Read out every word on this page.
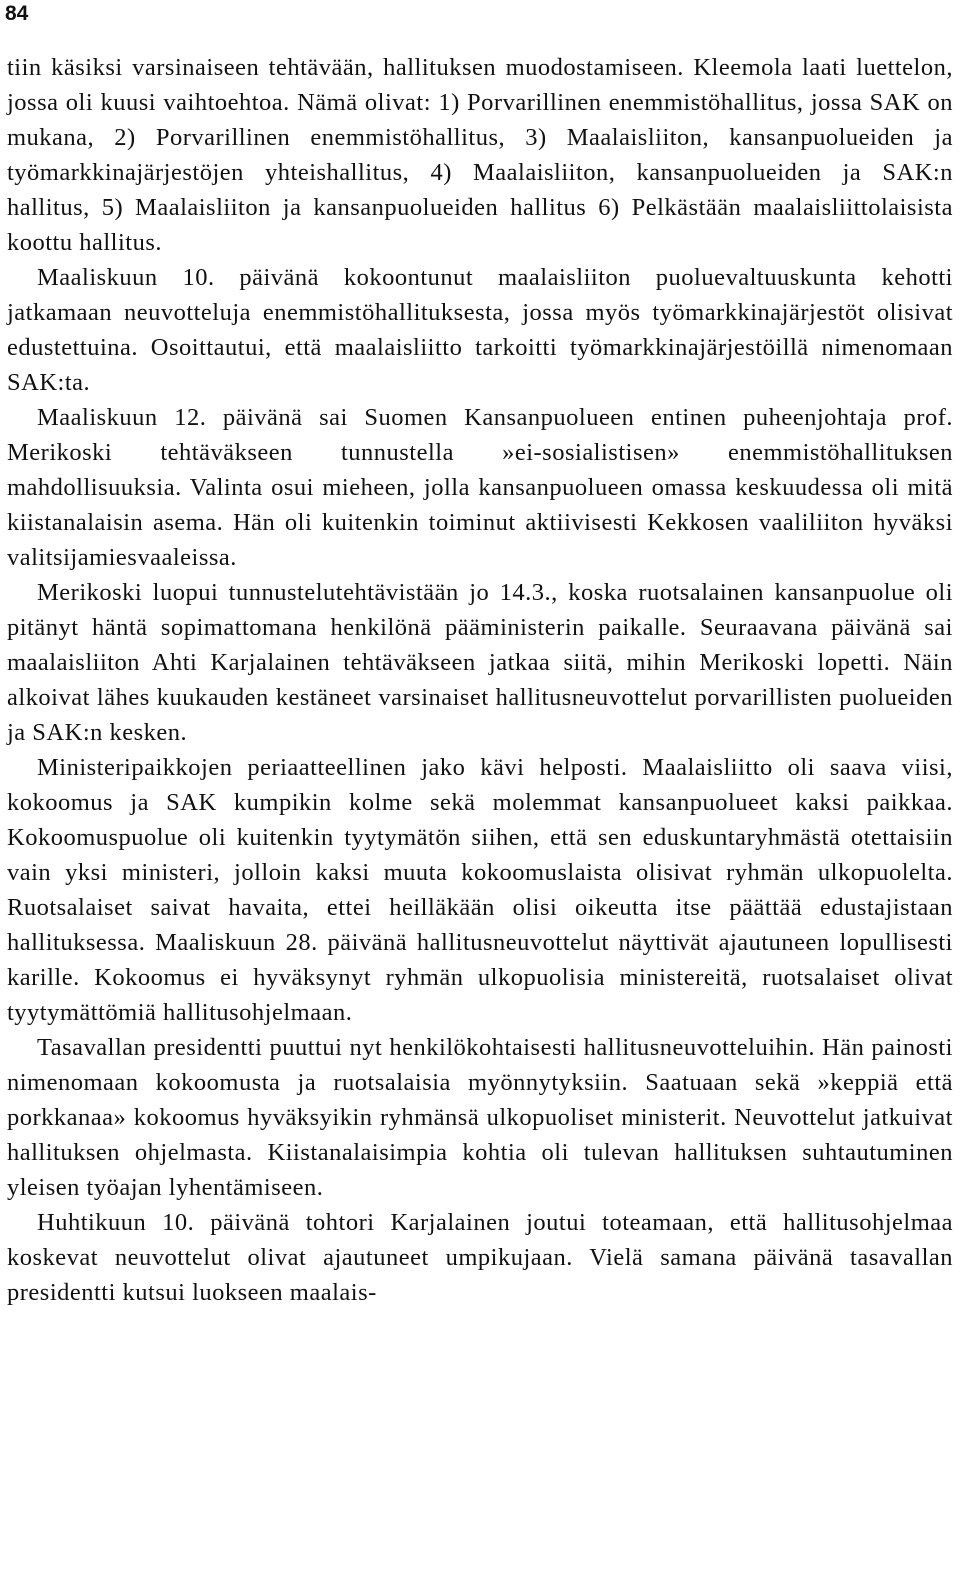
84

tiin käsiksi varsinaiseen tehtävään, hallituksen muodostamiseen. Kleemola laati luettelon, jossa oli kuusi vaihtoehtoa. Nämä olivat: 1) Porvarillinen enemmistöhallitus, jossa SAK on mukana, 2) Porvarillinen enemmistöhallitus, 3) Maalaisliiton, kansanpuolueiden ja työmarkkinajärjestöjen yhteishallitus, 4) Maalaisliiton, kansanpuolueiden ja SAK:n hallitus, 5) Maalaisliiton ja kansanpuolueiden hallitus 6) Pelkästään maalaisliittolaisista koottu hallitus.

Maaliskuun 10. päivänä kokoontunut maalaisliiton puoluevaltuuskunta kehotti jatkamaan neuvotteluja enemmistöhallituksesta, jossa myös työmarkkinajärjestöt olisivat edustettuina. Osoittautui, että maalaisliitto tarkoitti työmarkkinajärjestöillä nimenomaan SAK:ta.

Maaliskuun 12. päivänä sai Suomen Kansanpuolueen entinen puheenjohtaja prof. Merikoski tehtäväkseen tunnustella »ei-sosialistisen» enemmistöhallituksen mahdollisuuksia. Valinta osui mieheen, jolla kansanpuolueen omassa keskuudessa oli mitä kiistanalaisin asema. Hän oli kuitenkin toiminut aktiivisesti Kekkosen vaaliliiton hyväksi valitsijamiesvaaleissa.

Merikoski luopui tunnustelutehtävistään jo 14.3., koska ruotsalainen kansanpuolue oli pitänyt häntä sopimattomana henkilönä pääministerin paikalle. Seuraavana päivänä sai maalaisliiton Ahti Karjalainen tehtäväkseen jatkaa siitä, mihin Merikoski lopetti. Näin alkoivat lähes kuukauden kestäneet varsinaiset hallitusneuvottelut porvarillisten puolueiden ja SAK:n kesken.

Ministeripaikkojen periaatteellinen jako kävi helposti. Maalaisliitto oli saava viisi, kokoomus ja SAK kumpikin kolme sekä molemmat kansanpuolueet kaksi paikkaa. Kokoomuspuolue oli kuitenkin tyytymätön siihen, että sen eduskuntaryhmästä otettaisiin vain yksi ministeri, jolloin kaksi muuta kokoomuslaista olisivat ryhmän ulkopuolelta. Ruotsalaiset saivat havaita, ettei heilläkään olisi oikeutta itse päättää edustajistaan hallituksessa. Maaliskuun 28. päivänä hallitusneuvottelut näyttivät ajautuneen lopullisesti karille. Kokoomus ei hyväksynyt ryhmän ulkopuolisia ministereitä, ruotsalaiset olivat tyytymättömiä hallitusohjelmaan.

Tasavallan presidentti puuttui nyt henkilökohtaisesti hallitusneuvotteluihin. Hän painosti nimenomaan kokoomusta ja ruotsalaisia myönnytyksiin. Saatuaan sekä »keppiä että porkkanaa» kokoomus hyväksyikin ryhmänsä ulkopuoliset ministerit. Neuvottelut jatkuivat hallituksen ohjelmasta. Kiistanalaisimpia kohtia oli tulevan hallituksen suhtautuminen yleisen työajan lyhentämiseen.

Huhtikuun 10. päivänä tohtori Karjalainen joutui toteamaan, että hallitusohjelmaa koskevat neuvottelut olivat ajautuneet umpikujaan. Vielä samana päivänä tasavallan presidentti kutsui luokseen maalais-
